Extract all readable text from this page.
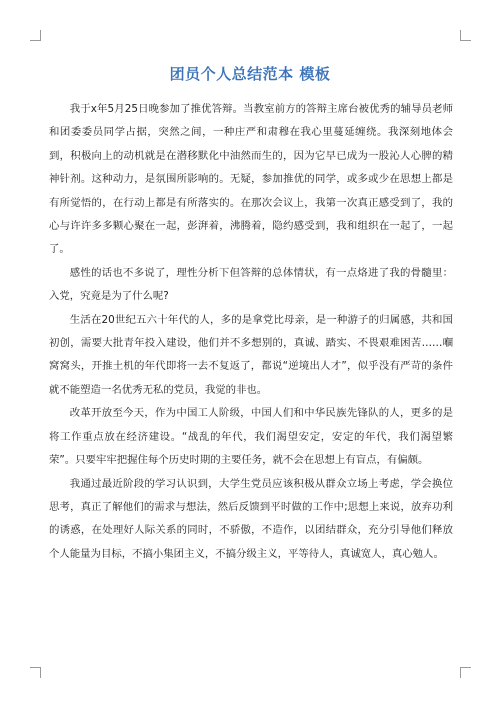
团员个人总结范本 模板

我于x年5月25日晚参加了推优答辩。当教室前方的答辩主席台被优秀的辅导员老师和团委委员同学占据，突然之间，一种庄严和肃穆在我心里蔓延缠绕。我深刻地体会到，积极向上的动机就是在潜移默化中油然而生的，因为它早已成为一股沁人心脾的精神针剂。这种动力，是氛围所影响的。无疑，参加推优的同学，或多或少在思想上都是有所觉悟的，在行动上都是有所落实的。在那次会议上，我第一次真正感受到了，我的心与许许多多颗心聚在一起，彭湃着，沸腾着，隐约感受到，我和组织在一起了，一起了。

感性的话也不多说了，理性分析下但答辩的总体情状，有一点烙进了我的骨髓里：入党，究竟是为了什么呢?

生活在20世纪五六十年代的人，多的是拿党比母亲，是一种游子的归属感，共和国初创，需要大批青年投入建设，他们并不多想别的，真诚、踏实、不畏艰难困苦……嗰窝窝头，开推土机的年代即将一去不复返了，都说“逆境出人才”，似乎没有严苛的条件就不能塑造一名优秀无私的党员，我觉的非也。

改革开放至今天，作为中国工人阶级，中国人们和中华民族先锋队的人，更多的是将工作重点放在经济建设。“战乱的年代，我们渴望安定，安定的年代，我们渴望繁荣”。只要牢牢把握住每个历史时期的主要任务，就不会在思想上有盲点，有偏颇。

我通过最近阶段的学习认识到，大学生党员应该积极从群众立场上考虑，学会换位思考，真正了解他们的需求与想法，然后反馈到平时做的工作中;思想上来说，放弃功利的诱惑，在处理好人际关系的同时，不骄傲，不造作，以团结群众，充分引导他们释放个人能量为目标，不搞小集团主义，不搞分级主义，平等待人，真诚宽人，真心勉人。
